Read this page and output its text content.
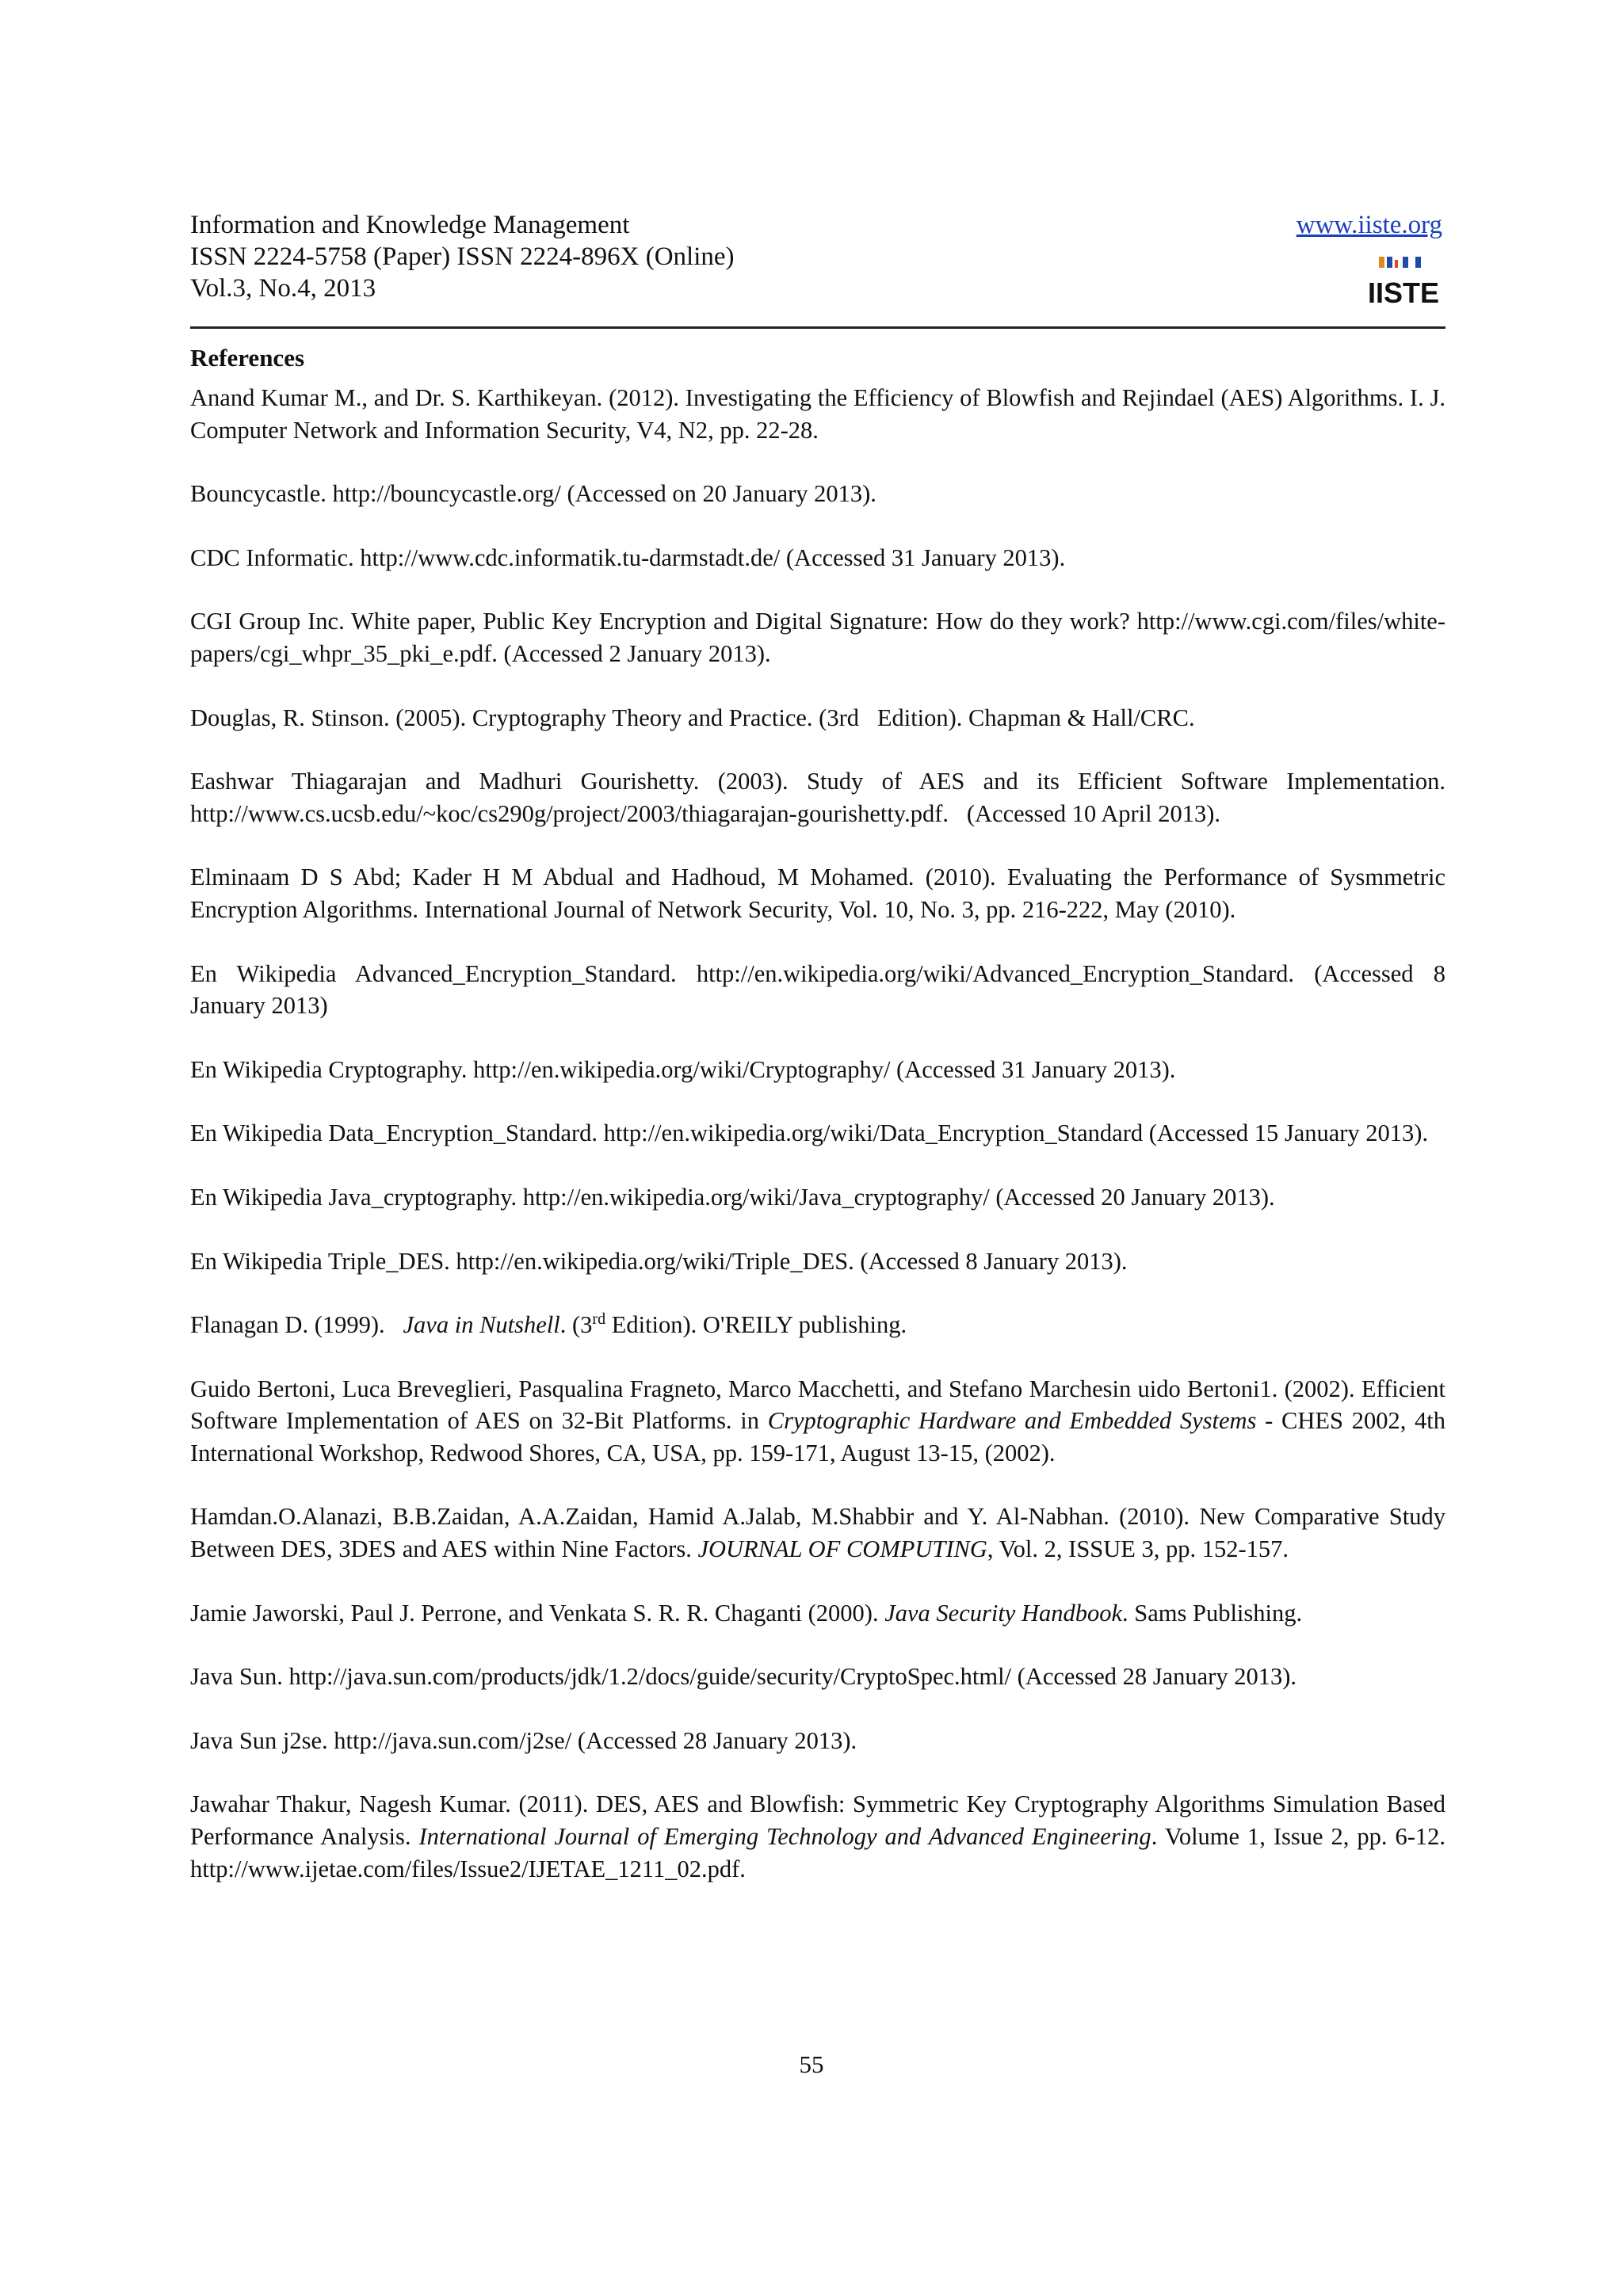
Information and Knowledge Management
ISSN 2224-5758 (Paper) ISSN 2224-896X (Online)
Vol.3, No.4, 2013
www.iiste.org
IISTE
References

Anand Kumar M., and Dr. S. Karthikeyan. (2012). Investigating the Efficiency of Blowfish and Rejindael (AES) Algorithms. I. J. Computer Network and Information Security, V4, N2, pp. 22-28.

Bouncycastle. http://bouncycastle.org/ (Accessed on 20 January 2013).

CDC Informatic. http://www.cdc.informatik.tu-darmstadt.de/ (Accessed 31 January 2013).

CGI Group Inc. White paper, Public Key Encryption and Digital Signature: How do they work? http://www.cgi.com/files/white-papers/cgi_whpr_35_pki_e.pdf. (Accessed 2 January 2013).

Douglas, R. Stinson. (2005). Cryptography Theory and Practice. (3rd   Edition). Chapman & Hall/CRC.

Eashwar Thiagarajan and Madhuri Gourishetty. (2003). Study of AES and its Efficient Software Implementation. http://www.cs.ucsb.edu/~koc/cs290g/project/2003/thiagarajan-gourishetty.pdf.   (Accessed 10 April 2013).

Elminaam D S Abd; Kader H M Abdual and Hadhoud, M Mohamed. (2010). Evaluating the Performance of Sysmmetric Encryption Algorithms. International Journal of Network Security, Vol. 10, No. 3, pp. 216-222, May (2010).

En Wikipedia Advanced_Encryption_Standard. http://en.wikipedia.org/wiki/Advanced_Encryption_Standard. (Accessed 8 January 2013)

En Wikipedia Cryptography. http://en.wikipedia.org/wiki/Cryptography/ (Accessed 31 January 2013).

En Wikipedia Data_Encryption_Standard. http://en.wikipedia.org/wiki/Data_Encryption_Standard (Accessed 15 January 2013).

En Wikipedia Java_cryptography. http://en.wikipedia.org/wiki/Java_cryptography/ (Accessed 20 January 2013).

En Wikipedia Triple_DES. http://en.wikipedia.org/wiki/Triple_DES. (Accessed 8 January 2013).

Flanagan D. (1999).   Java in Nutshell. (3rd Edition). O'REILY publishing.

Guido Bertoni, Luca Breveglieri, Pasqualina Fragneto, Marco Macchetti, and Stefano Marchesin uido Bertoni1. (2002). Efficient Software Implementation of AES on 32-Bit Platforms. in Cryptographic Hardware and Embedded Systems - CHES 2002, 4th International Workshop, Redwood Shores, CA, USA, pp. 159-171, August 13-15, (2002).

Hamdan.O.Alanazi, B.B.Zaidan, A.A.Zaidan, Hamid A.Jalab, M.Shabbir and Y. Al-Nabhan. (2010). New Comparative Study Between DES, 3DES and AES within Nine Factors. JOURNAL OF COMPUTING, Vol. 2, ISSUE 3, pp. 152-157.

Jamie Jaworski, Paul J. Perrone, and Venkata S. R. R. Chaganti (2000). Java Security Handbook. Sams Publishing.

Java Sun. http://java.sun.com/products/jdk/1.2/docs/guide/security/CryptoSpec.html/ (Accessed 28 January 2013).

Java Sun j2se. http://java.sun.com/j2se/ (Accessed 28 January 2013).

Jawahar Thakur, Nagesh Kumar. (2011). DES, AES and Blowfish: Symmetric Key Cryptography Algorithms Simulation Based Performance Analysis. International Journal of Emerging Technology and Advanced Engineering. Volume 1, Issue 2, pp. 6-12. http://www.ijetae.com/files/Issue2/IJETAE_1211_02.pdf.

55
